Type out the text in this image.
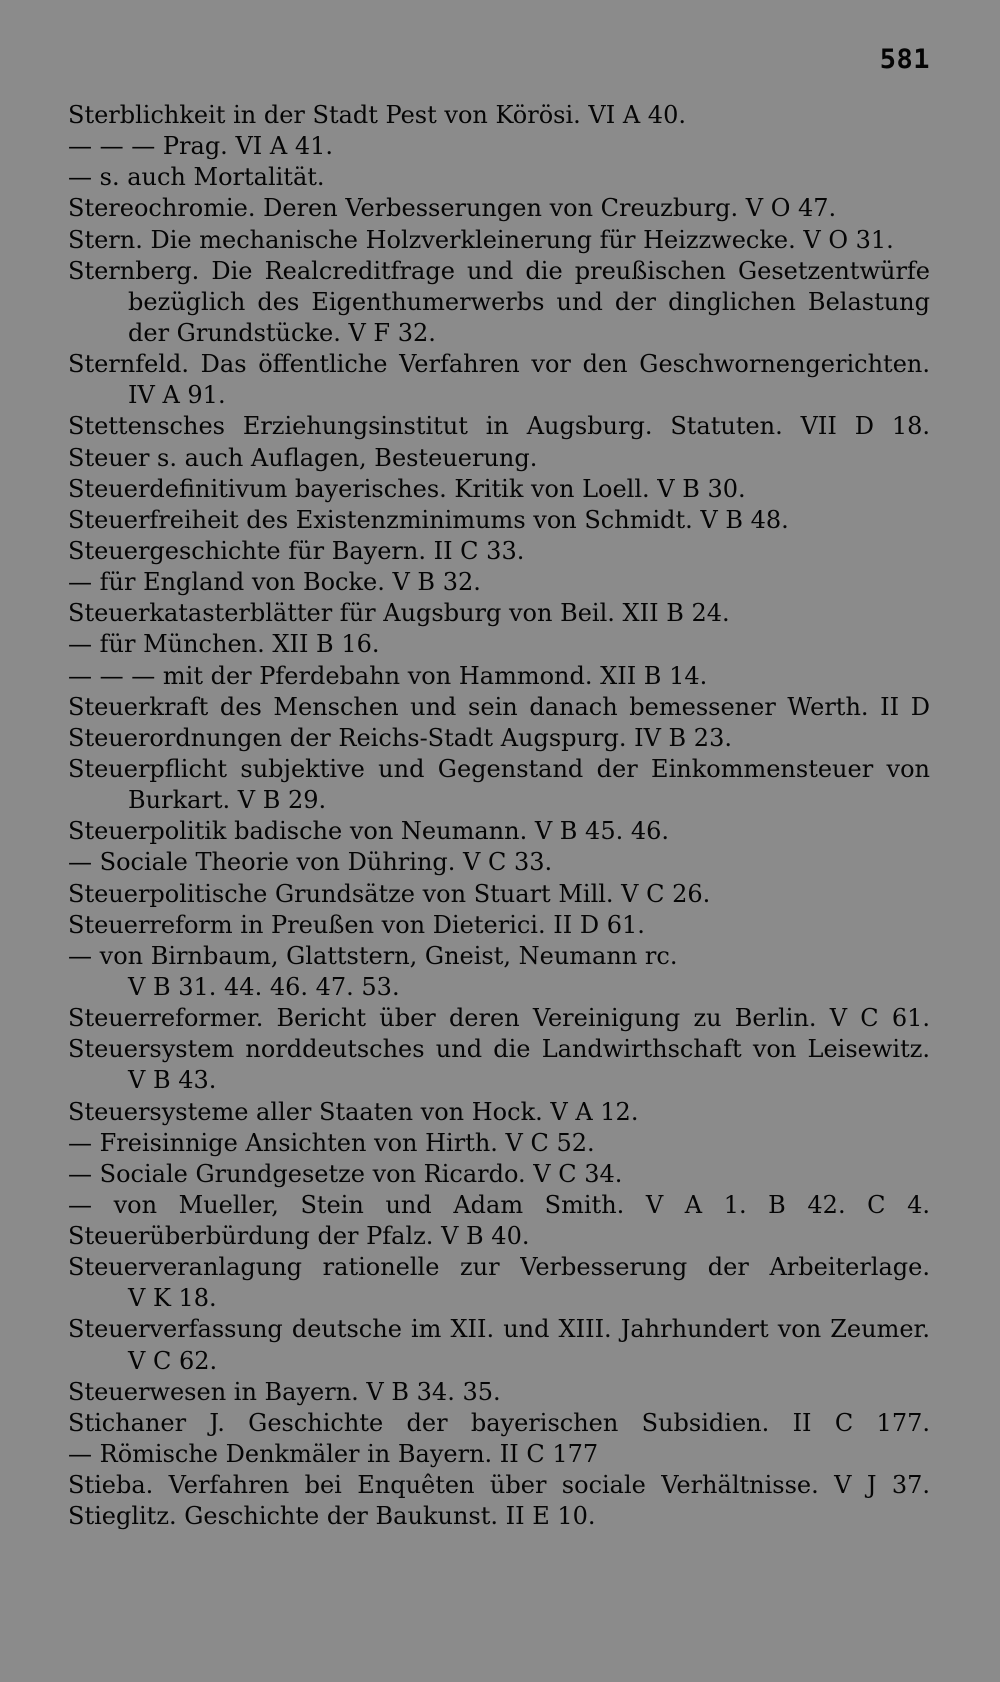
581
Sterblichkeit in der Stadt Pest von Körösi. VI A 40.
— — — Prag. VI A 41.
— s. auch Mortalität.
Stereochromie. Deren Verbesserungen von Creuzburg. V O 47.
Stern. Die mechanische Holzverkleinerung für Heizzwecke. V O 31.
Sternberg. Die Realcreditfrage und die preußischen Gesetzentwürfe
bezüglich des Eigenthumerwerbs und der dinglichen Belastung
der Grundstücke. V F 32.
Sternfeld. Das öffentliche Verfahren vor den Geschwornengerichten.
IV A 91.
Stettensches Erziehungsinstitut in Augsburg. Statuten. VII D 18.
Steuer s. auch Auflagen, Besteuerung.
Steuerdefinitivum bayerisches. Kritik von Loell. V B 30.
Steuerfreiheit des Existenzminimums von Schmidt. V B 48.
Steuergeschichte für Bayern. II C 33.
— für England von Bocke. V B 32.
Steuerkatasterblätter für Augsburg von Beil. XII B 24.
— für München. XII B 16.
— — — mit der Pferdebahn von Hammond. XII B 14.
Steuerkraft des Menschen und sein danach bemessener Werth. II D
Steuerordnungen der Reichs-Stadt Augspurg. IV B 23.
Steuerpflicht subjektive und Gegenstand der Einkommensteuer von
Burkart. V B 29.
Steuerpolitik badische von Neumann. V B 45. 46.
— Sociale Theorie von Dühring. V C 33.
Steuerpolitische Grundsätze von Stuart Mill. V C 26.
Steuerreform in Preußen von Dieterici. II D 61.
— von Birnbaum, Glattstern, Gneist, Neumann rc.
V B 31. 44. 46. 47. 53.
Steuerreformer. Bericht über deren Vereinigung zu Berlin. V C 61.
Steuersystem norddeutsches und die Landwirthschaft von Leisewitz.
V B 43.
Steuersysteme aller Staaten von Hock. V A 12.
— Freisinnige Ansichten von Hirth. V C 52.
— Sociale Grundgesetze von Ricardo. V C 34.
— von Mueller, Stein und Adam Smith. V A 1. B 42. C 4.
Steuerüberbürdung der Pfalz. V B 40.
Steuerveranlagung rationelle zur Verbesserung der Arbeiterlage.
V K 18.
Steuerverfassung deutsche im XII. und XIII. Jahrhundert von Zeumer.
V C 62.
Steuerwesen in Bayern. V B 34. 35.
Stichaner J. Geschichte der bayerischen Subsidien. II C 177.
— Römische Denkmäler in Bayern. II C 177
Stieba. Verfahren bei Enquêten über sociale Verhältnisse. V J 37.
Stieglitz. Geschichte der Baukunst. II E 10.
